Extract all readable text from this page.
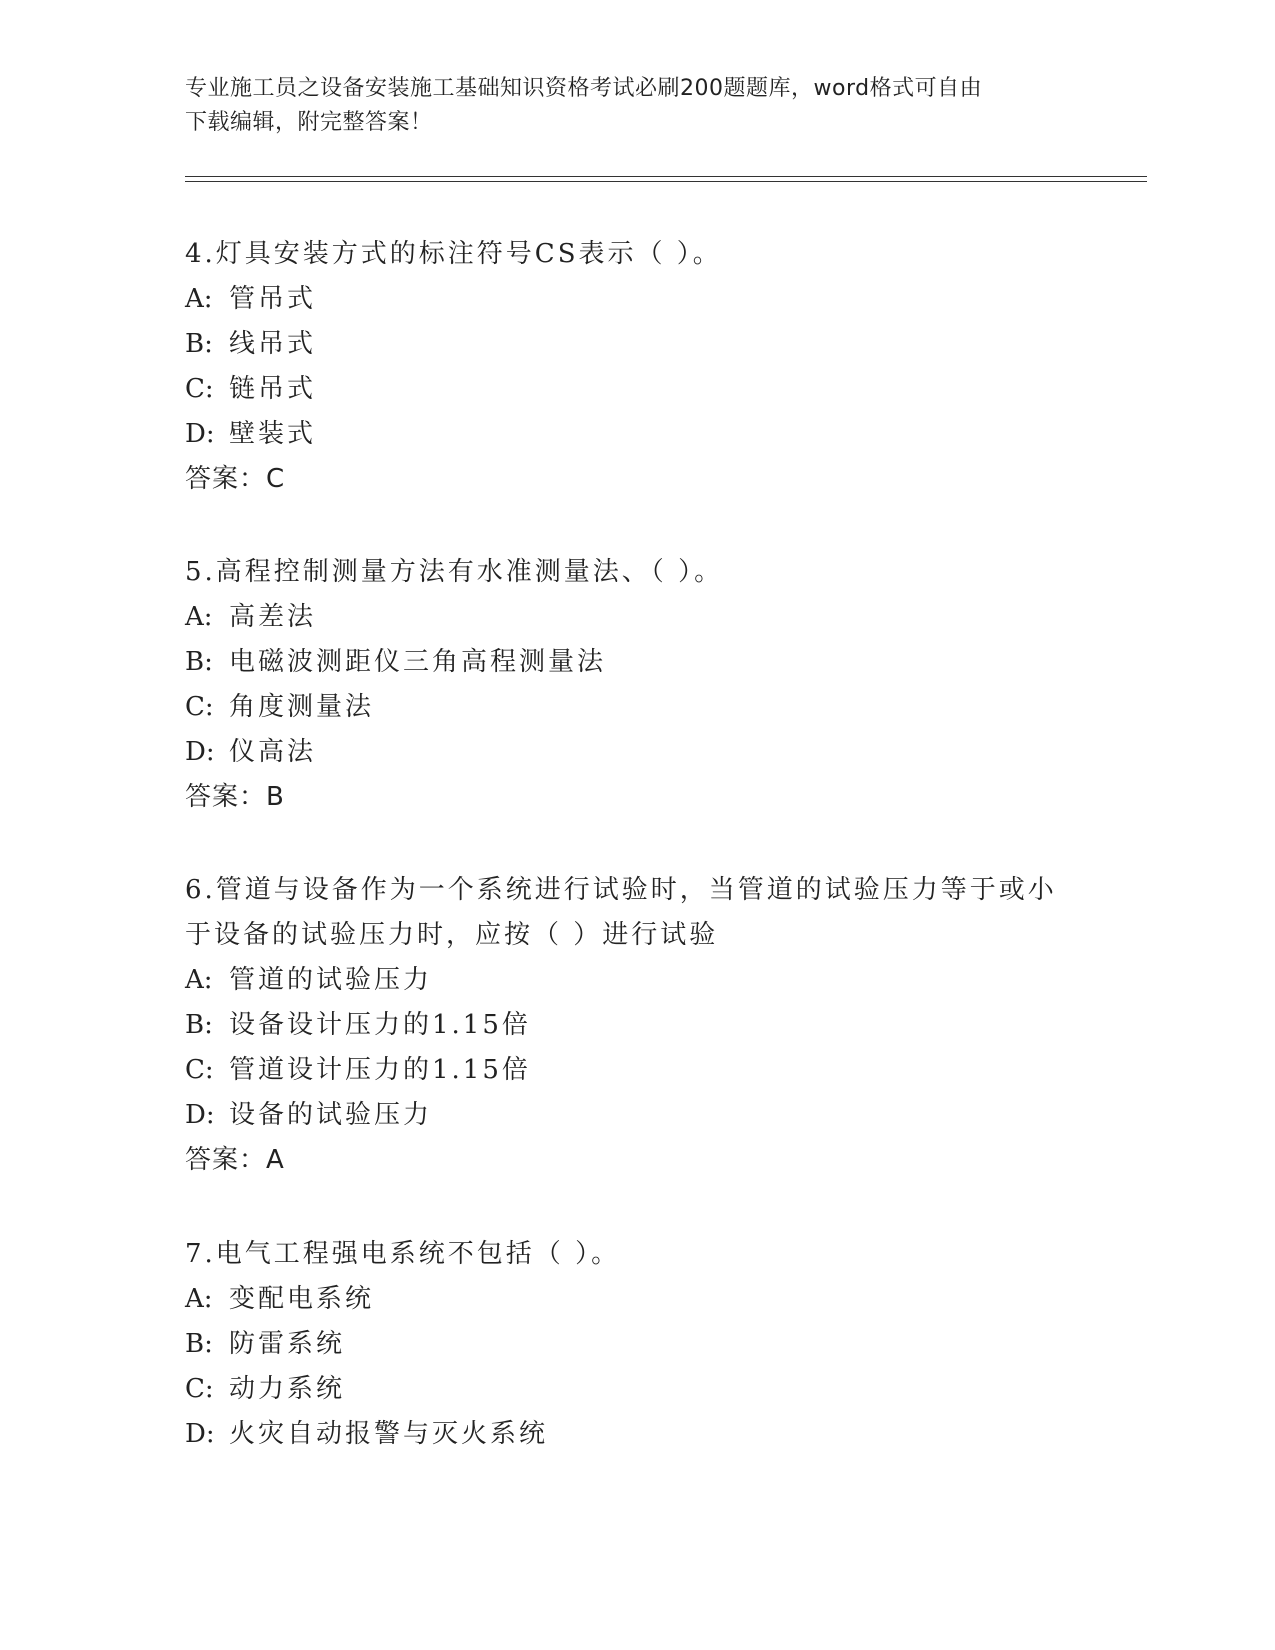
专业施工员之设备安装施工基础知识资格考试必刷200题题库，word格式可自由
下载编辑，附完整答案！
4.灯具安装方式的标注符号CS表示（ ）。
A: 管吊式
B: 线吊式
C: 链吊式
D: 壁装式
答案：C
5.高程控制测量方法有水准测量法、（ ）。
A: 高差法
B: 电磁波测距仪三角高程测量法
C: 角度测量法
D: 仪高法
答案：B
6.管道与设备作为一个系统进行试验时，当管道的试验压力等于或小
于设备的试验压力时，应按（ ）进行试验
A: 管道的试验压力
B: 设备设计压力的1.15倍
C: 管道设计压力的1.15倍
D: 设备的试验压力
答案：A
7.电气工程强电系统不包括（ ）。
A: 变配电系统
B: 防雷系统
C: 动力系统
D: 火灾自动报警与灭火系统
